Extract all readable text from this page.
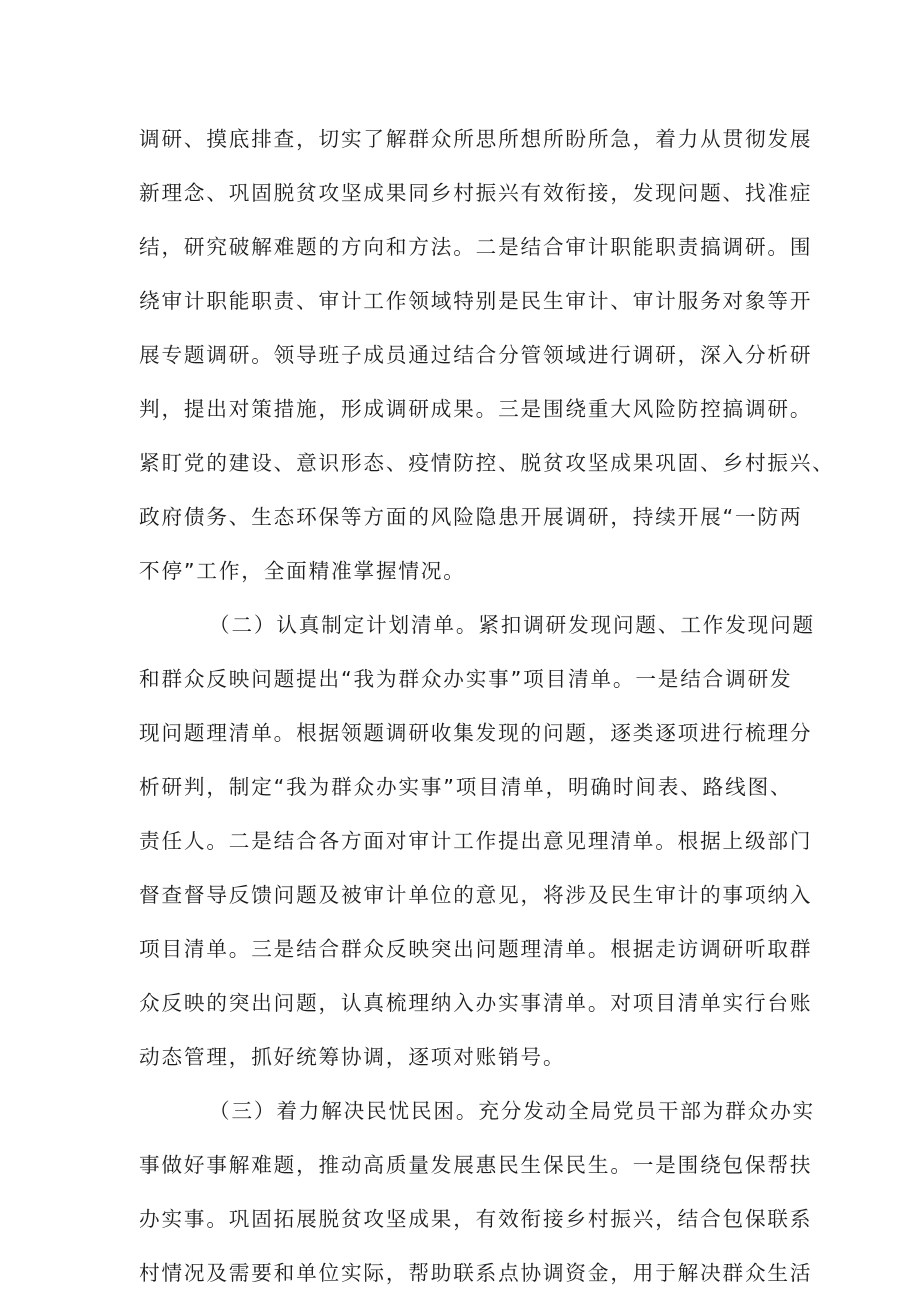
调研、摸底排查，切实了解群众所思所想所盼所急，着力从贯彻发展
新理念、巩固脱贫攻坚成果同乡村振兴有效衔接，发现问题、找准症
结，研究破解难题的方向和方法。二是结合审计职能职责搞调研。围
绕审计职能职责、审计工作领域特别是民生审计、审计服务对象等开
展专题调研。领导班子成员通过结合分管领域进行调研，深入分析研
判，提出对策措施，形成调研成果。三是围绕重大风险防控搞调研。
紧盯党的建设、意识形态、疫情防控、脱贫攻坚成果巩固、乡村振兴、
政府债务、生态环保等方面的风险隐患开展调研，持续开展“一防两
不停”工作，全面精准掌握情况。
（二）认真制定计划清单。紧扣调研发现问题、工作发现问题
和群众反映问题提出“我为群众办实事”项目清单。一是结合调研发
现问题理清单。根据领题调研收集发现的问题，逐类逐项进行梳理分
析研判，制定“我为群众办实事”项目清单，明确时间表、路线图、
责任人。二是结合各方面对审计工作提出意见理清单。根据上级部门
督查督导反馈问题及被审计单位的意见，将涉及民生审计的事项纳入
项目清单。三是结合群众反映突出问题理清单。根据走访调研听取群
众反映的突出问题，认真梳理纳入办实事清单。对项目清单实行台账
动态管理，抓好统筹协调，逐项对账销号。
（三）着力解决民忧民困。充分发动全局党员干部为群众办实
事做好事解难题，推动高质量发展惠民生保民生。一是围绕包保帮扶
办实事。巩固拓展脱贫攻坚成果，有效衔接乡村振兴，结合包保联系
村情况及需要和单位实际，帮助联系点协调资金，用于解决群众生活
